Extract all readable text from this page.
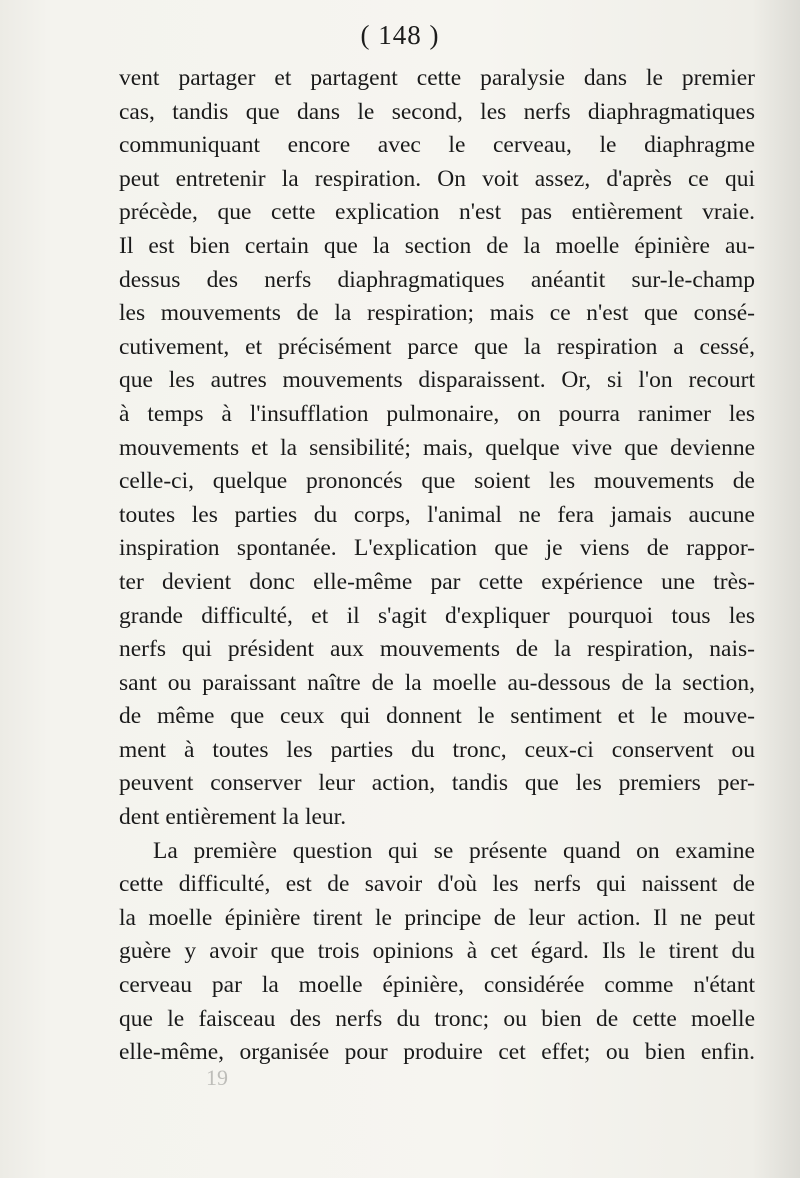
( 148 )
vent partager et partagent cette paralysie dans le premier
cas, tandis que dans le second, les nerfs diaphragmatiques
communiquant encore avec le cerveau, le diaphragme
peut entretenir la respiration. On voit assez, d'après ce qui
précède, que cette explication n'est pas entièrement vraie.
Il est bien certain que la section de la moelle épinière au-
dessus des nerfs diaphragmatiques anéantit sur-le-champ
les mouvements de la respiration; mais ce n'est que consé-
cutivement, et précisément parce que la respiration a cessé,
que les autres mouvements disparaissent. Or, si l'on recourt
à temps à l'insufflation pulmonaire, on pourra ranimer les
mouvements et la sensibilité; mais, quelque vive que devienne
celle-ci, quelque prononcés que soient les mouvements de
toutes les parties du corps, l'animal ne fera jamais aucune
inspiration spontanée. L'explication que je viens de rappor-
ter devient donc elle-même par cette expérience une très-
grande difficulté, et il s'agit d'expliquer pourquoi tous les
nerfs qui président aux mouvements de la respiration, nais-
sant ou paraissant naître de la moelle au-dessous de la section,
de même que ceux qui donnent le sentiment et le mouve-
ment à toutes les parties du tronc, ceux-ci conservent ou
peuvent conserver leur action, tandis que les premiers per-
dent entièrement la leur.
La première question qui se présente quand on examine
cette difficulté, est de savoir d'où les nerfs qui naissent de
la moelle épinière tirent le principe de leur action. Il ne peut
guère y avoir que trois opinions à cet égard. Ils le tirent du
cerveau par la moelle épinière, considérée comme n'étant
que le faisceau des nerfs du tronc; ou bien de cette moelle
elle-même, organisée pour produire cet effet; ou bien enfin.
19
